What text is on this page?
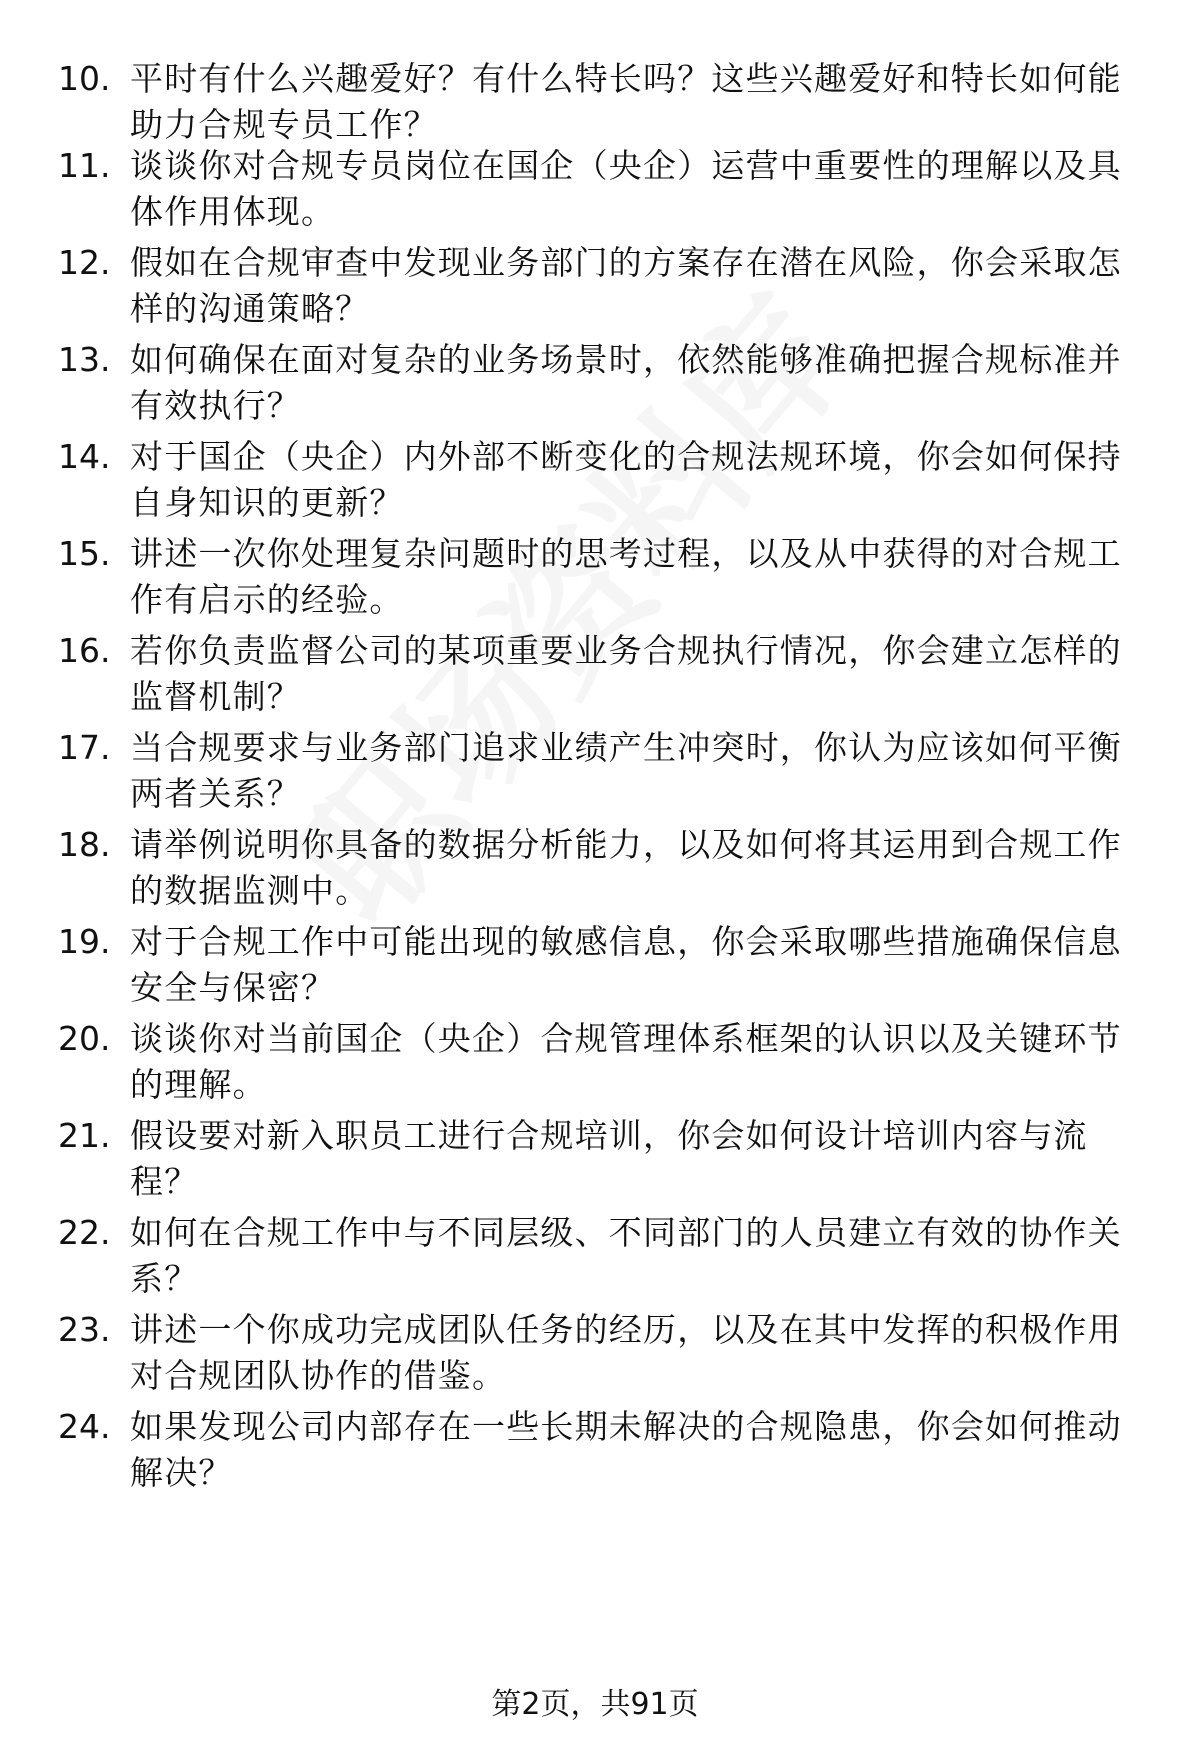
10. 平时有什么兴趣爱好？有什么特长吗？这些兴趣爱好和特长如何能助力合规专员工作？
11. 谈谈你对合规专员岗位在国企（央企）运营中重要性的理解以及具体作用体现。
12. 假如在合规审查中发现业务部门的方案存在潜在风险，你会采取怎样的沟通策略？
13. 如何确保在面对复杂的业务场景时，依然能够准确把握合规标准并有效执行？
14. 对于国企（央企）内外部不断变化的合规法规环境，你会如何保持自身知识的更新？
15. 讲述一次你处理复杂问题时的思考过程，以及从中获得的对合规工作有启示的经验。
16. 若你负责监督公司的某项重要业务合规执行情况，你会建立怎样的监督机制？
17. 当合规要求与业务部门追求业绩产生冲突时，你认为应该如何平衡两者关系？
18. 请举例说明你具备的数据分析能力，以及如何将其运用到合规工作的数据监测中。
19. 对于合规工作中可能出现的敏感信息，你会采取哪些措施确保信息安全与保密？
20. 谈谈你对当前国企（央企）合规管理体系框架的认识以及关键环节的理解。
21. 假设要对新入职员工进行合规培训，你会如何设计培训内容与流程？
22. 如何在合规工作中与不同层级、不同部门的人员建立有效的协作关系？
23. 讲述一个你成功完成团队任务的经历，以及在其中发挥的积极作用对合规团队协作的借鉴。
24. 如果发现公司内部存在一些长期未解决的合规隐患，你会如何推动解决？
第2页，共91页
